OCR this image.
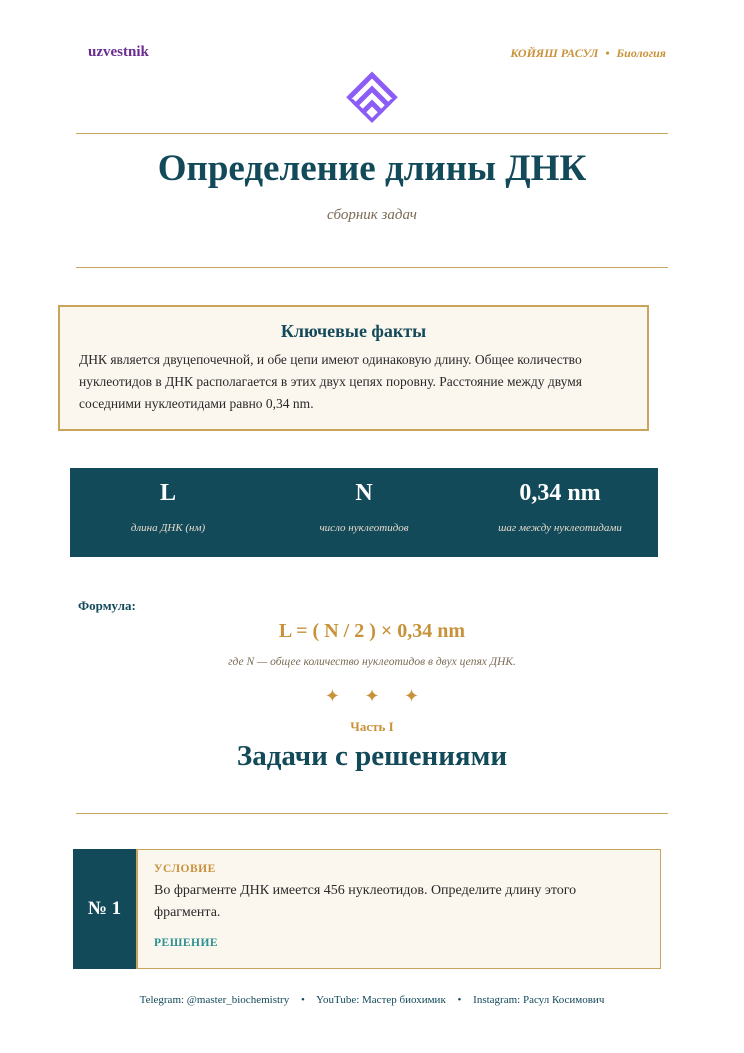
uzvestnik	КОЙЯШ РАСУЛ • Биология
Определение длины ДНК
сборник задач
Ключевые факты
ДНК является двуцепочечной, и обе цепи имеют одинаковую длину. Общее количество нуклеотидов в ДНК располагается в этих двух цепях поровну. Расстояние между двумя соседними нуклеотидами равно 0,34 nm.
L
длина ДНК (нм)
N
число нуклеотидов
0,34 nm
шаг между нуклеотидами
Формула:
L = ( N / 2 ) × 0,34 nm
где N — общее количество нуклеотидов в двух цепях ДНК.
✦ ✦ ✦
Часть I
Задачи с решениями
№ 1
УСЛОВИЕ
Во фрагменте ДНК имеется 456 нуклеотидов. Определите длину этого фрагмента.
РЕШЕНИЕ
Telegram: @master_biochemistry • YouTube: Мастер биохимик • Instagram: Расул Косимович
